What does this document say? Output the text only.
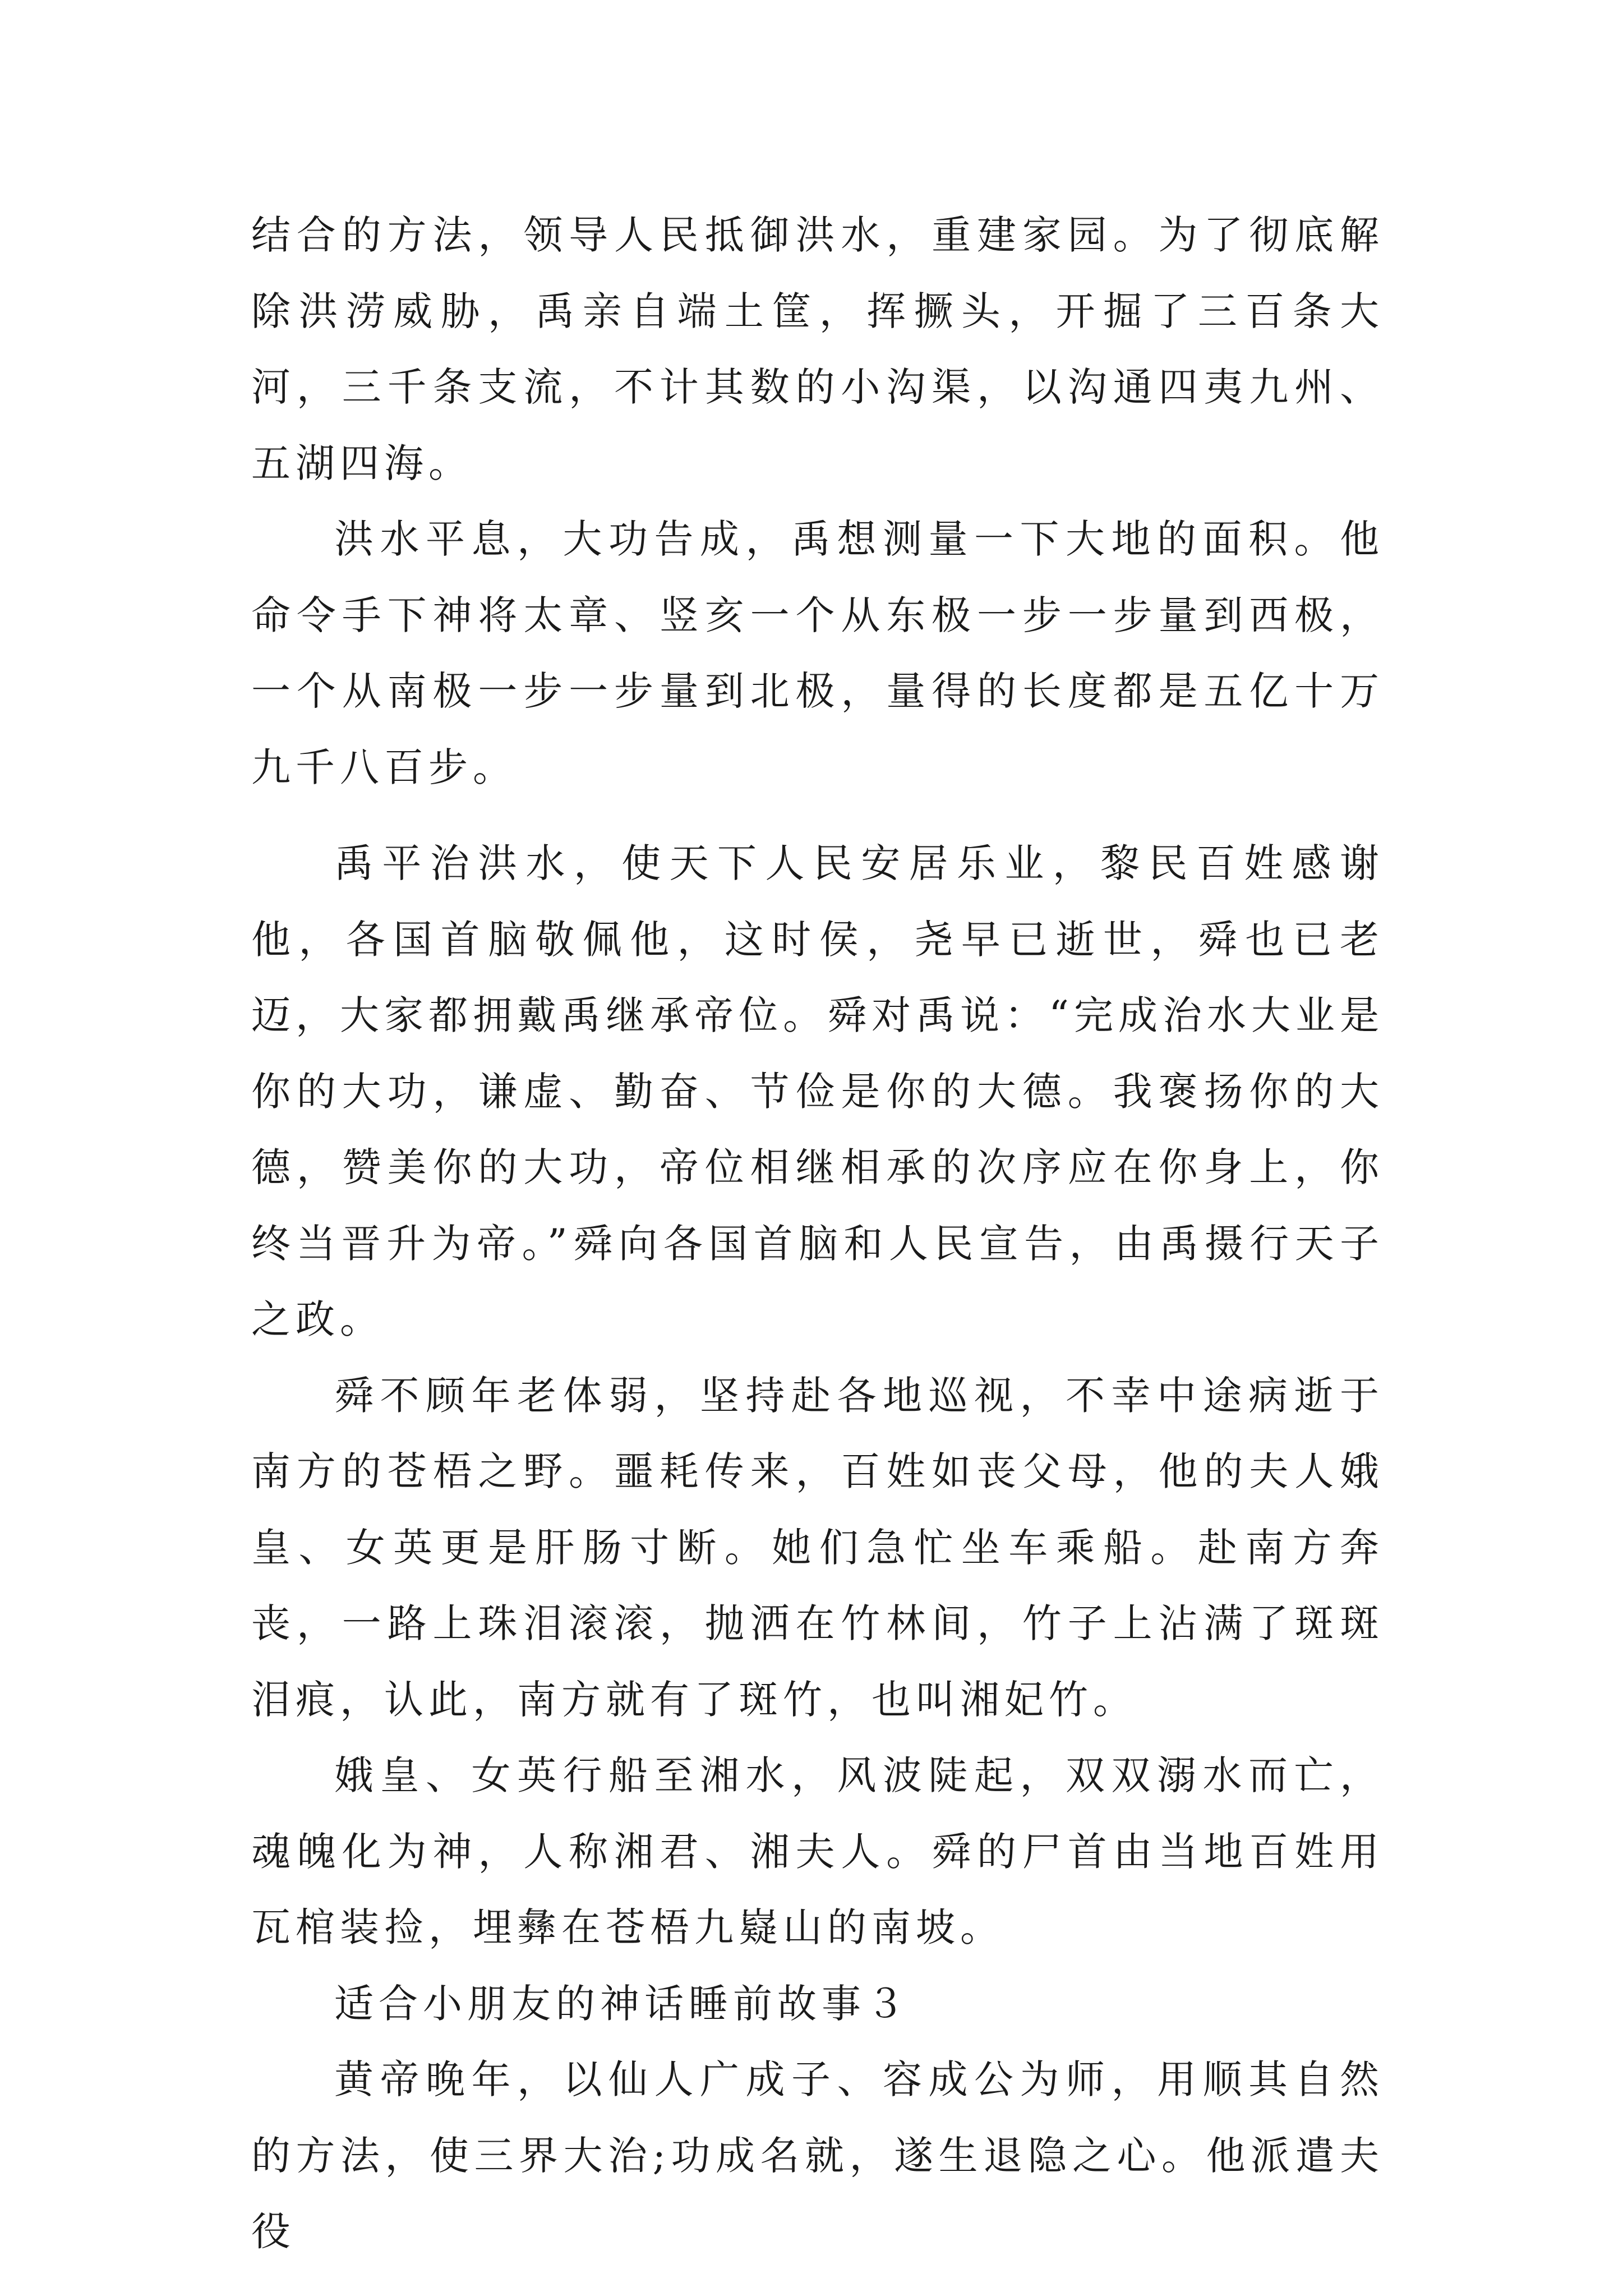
结合的方法，领导人民抵御洪水，重建家园。为了彻底解除洪涝威胁，禹亲自端土筐，挥撅头，开掘了三百条大河，三千条支流，不计其数的小沟渠，以沟通四夷九州、五湖四海。

洪水平息，大功告成，禹想测量一下大地的面积。他命令手下神将太章、竖亥一个从东极一步一步量到西极，一个从南极一步一步量到北极，量得的长度都是五亿十万九千八百步。

禹平治洪水，使天下人民安居乐业，黎民百姓感谢他，各国首脑敬佩他，这时侯，尧早已逝世，舜也已老迈，大家都拥戴禹继承帝位。舜对禹说：“完成治水大业是你的大功，谦虚、勤奋、节俭是你的大德。我褒扬你的大德，赞美你的大功，帝位相继相承的次序应在你身上，你终当晋升为帝。”舜向各国首脑和人民宣告，由禹摄行天子之政。

舜不顾年老体弱，坚持赴各地巡视，不幸中途病逝于南方的苍梧之野。噩耗传来，百姓如丧父母，他的夫人娥皇、女英更是肝肠寸断。她们急忙坐车乘船。赴南方奔丧，一路上珠泪滚滚，抛洒在竹林间，竹子上沾满了斑斑泪痕，认此，南方就有了斑竹，也叫湘妃竹。

娥皇、女英行船至湘水，风波陡起，双双溺水而亡，魂魄化为神，人称湘君、湘夫人。舜的尸首由当地百姓用瓦棺装捡，埋彝在苍梧九嶷山的南坡。

适合小朋友的神话睡前故事３

黄帝晚年，以仙人广成子、容成公为师，用顺其自然的方法，使三界大治;功成名就，遂生退隐之心。他派遣夫役
